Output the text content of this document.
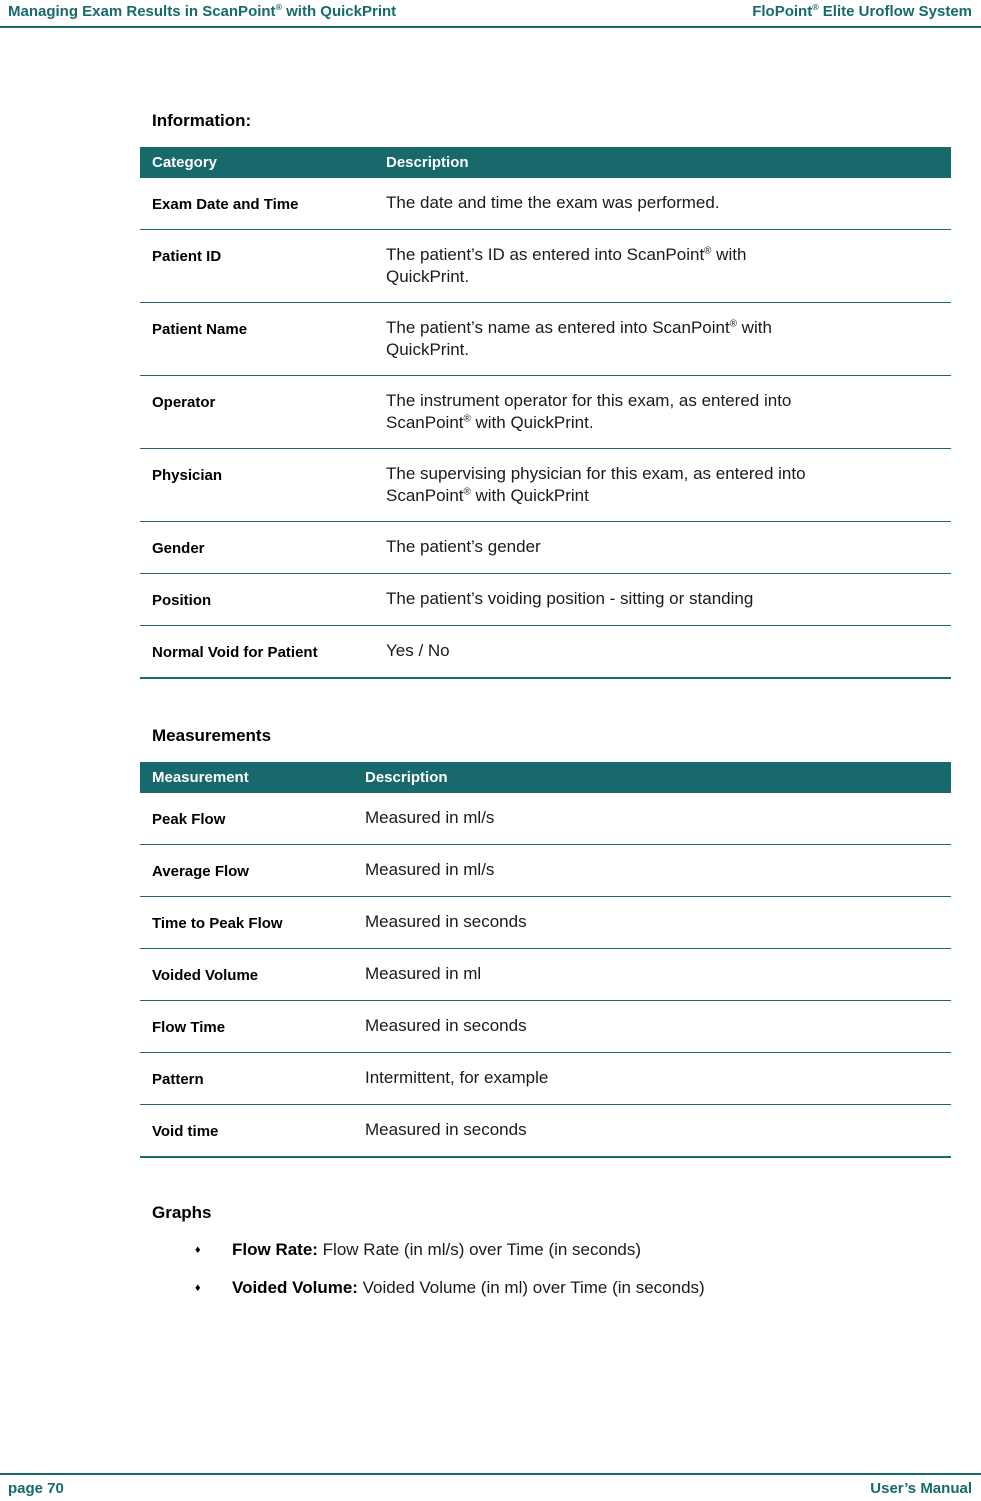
Managing Exam Results in ScanPoint® with QuickPrint	FloPoint® Elite Uroflow System
Information:
Category	Description
Exam Date and Time	The date and time the exam was performed.
Patient ID	The patient’s ID as entered into ScanPoint® with
QuickPrint.
Patient Name	The patient’s name as entered into ScanPoint® with
QuickPrint.
Operator	The instrument operator for this exam, as entered into
ScanPoint® with QuickPrint.
Physician	The supervising physician for this exam, as entered into
ScanPoint® with QuickPrint
Gender	The patient’s gender
Position	The patient’s voiding position - sitting or standing
Normal Void for Patient	Yes / No
Measurements
Measurement	Description
Peak Flow	Measured in ml/s
Average Flow	Measured in ml/s
Time to Peak Flow	Measured in seconds
Voided Volume	Measured in ml
Flow Time	Measured in seconds
Pattern	Intermittent, for example
Void time	Measured in seconds
Graphs
♦	Flow Rate: Flow Rate (in ml/s) over Time (in seconds)
♦	Voided Volume: Voided Volume (in ml) over Time (in seconds)
page 70	User’s Manual
